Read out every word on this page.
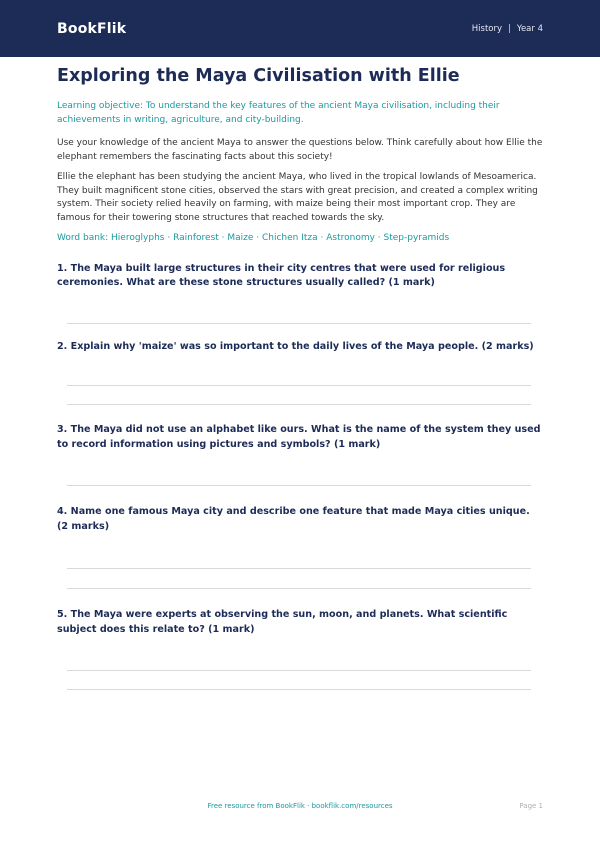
BookFlik	History | Year 4
Exploring the Maya Civilisation with Ellie

Learning objective: To understand the key features of the ancient Maya civilisation, including their achievements in writing, agriculture, and city-building.

Use your knowledge of the ancient Maya to answer the questions below. Think carefully about how Ellie the elephant remembers the fascinating facts about this society!

Ellie the elephant has been studying the ancient Maya, who lived in the tropical lowlands of Mesoamerica. They built magnificent stone cities, observed the stars with great precision, and created a complex writing system. Their society relied heavily on farming, with maize being their most important crop. They are famous for their towering stone structures that reached towards the sky.

Word bank: Hieroglyphs · Rainforest · Maize · Chichen Itza · Astronomy · Step-pyramids

1. The Maya built large structures in their city centres that were used for religious ceremonies. What are these stone structures usually called? (1 mark)

2. Explain why 'maize' was so important to the daily lives of the Maya people. (2 marks)

3. The Maya did not use an alphabet like ours. What is the name of the system they used to record information using pictures and symbols? (1 mark)

4. Name one famous Maya city and describe one feature that made Maya cities unique. (2 marks)

5. The Maya were experts at observing the sun, moon, and planets. What scientific subject does this relate to? (1 mark)

Free resource from BookFlik · bookflik.com/resources	Page 1
